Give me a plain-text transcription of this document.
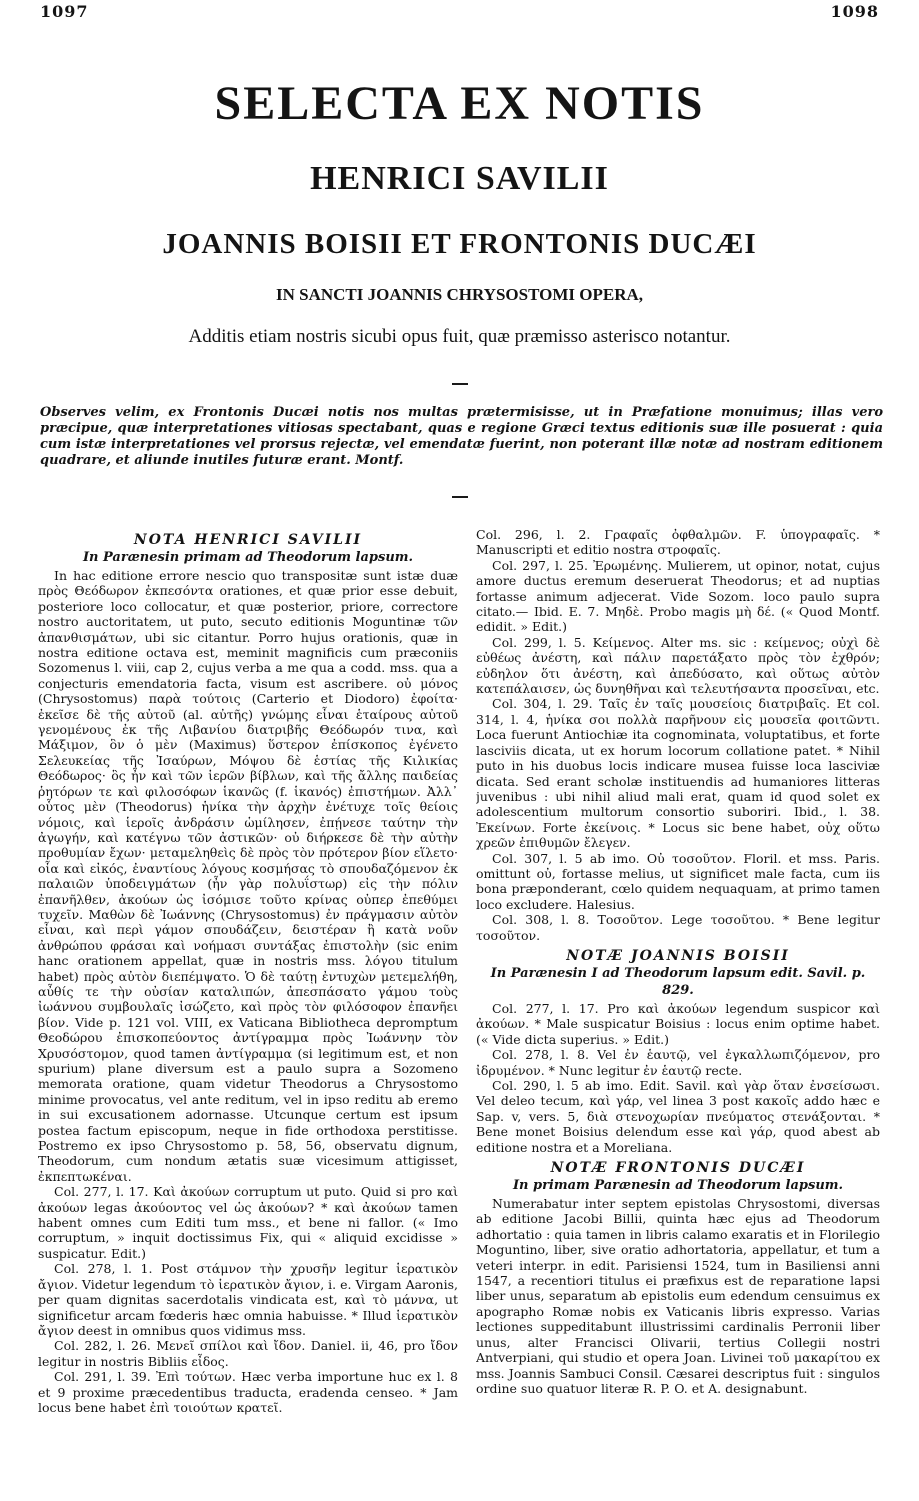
1097	1098
SELECTA EX NOTIS
HENRICI SAVILII
JOANNIS BOISII ET FRONTONIS DUCÆI
IN SANCTI JOANNIS CHRYSOSTOMI OPERA,

Additis etiam nostris sicubi opus fuit, quæ præmisso asterisco notantur.

Observes velim, ex Frontonis Ducæi notis nos multas prætermisisse, ut in Præfatione monuimus; illas vero præcipue, quæ interpretationes vitiosas spectabant, quas e regione Græci textus editionis suæ ille posuerat : quia cum istæ interpretationes vel prorsus rejectæ, vel emendatæ fuerint, non poterant illæ notæ ad nostram editionem quadrare, et aliunde inutiles futuræ erant. Montf.

NOTA HENRICI SAVILII
In Parænesin primam ad Theodorum lapsum.

In hac editione errore nescio quo transpositæ sunt istæ duæ πρὸς Θεόδωρον ἐκπεσόντα orationes, et quæ prior esse debuit, posteriore loco collocatur, et quæ posterior, priore, correctore nostro auctoritatem, ut puto, secuto editionis Moguntinæ τῶν ἀπανθισμάτων, ubi sic citantur. Porro hujus orationis, quæ in nostra editione octava est, meminit magnificis cum præconiis Sozomenus l. viii, cap 2, cujus verba a me qua a codd. mss. qua a conjecturis emendatoria facta, visum est ascribere. οὐ μόνος (Chrysostomus) παρὰ τούτοις (Carterio et Diodoro) ἐφοίτα· ἐκεῖσε δὲ τῆς αὐτοῦ (al. αὐτῆς) γνώμης εἶναι ἑταίρους αὐτοῦ γενομένους ἐκ τῆς Λιβανίου διατριβῆς Θεόδωρόν τινα, καὶ Μάξιμον, ὃν ὁ μὲν (Maximus) ὕστερον ἐπίσκοπος ἐγένετο Σελευκείας τῆς Ἰσαύρων, Μόψου δὲ ἑστίας τῆς Κιλικίας Θεόδωρος· ὃς ἦν καὶ τῶν ἱερῶν βίβλων, καὶ τῆς ἄλλης παιδείας ῥητόρων τε καὶ φιλοσόφων ἱκανῶς (f. ἱκανός) ἐπιστήμων. Ἀλλ᾽ οὗτος μὲν (Theodorus) ἡνίκα τὴν ἀρχὴν ἐνέτυχε τοῖς θείοις νόμοις, καὶ ἱεροῖς ἀνδράσιν ὡμίλησεν, ἐπῄνεσε ταύτην τὴν ἀγωγήν, καὶ κατέγνω τῶν ἀστικῶν· οὐ διήρκεσε δὲ τὴν αὐτὴν προθυμίαν ἔχων· μεταμεληθεὶς δὲ πρὸς τὸν πρότερον βίον εἵλετο· οἷα καὶ εἰκός, ἐναντίους λόγους κοσμήσας τὸ σπουδαζόμενον ἐκ παλαιῶν ὑποδειγμάτων (ἦν γὰρ πολυΐστωρ) εἰς τὴν πόλιν ἐπανῆλθεν, ἀκούων ὡς ἰσόμισε τοῦτο κρίνας οὐπερ ἐπεθύμει τυχεῖν. Μαθὼν δὲ Ἰωάννης (Chrysostomus) ἐν πράγμασιν αὐτὸν εἶναι, καὶ περὶ γάμον σπουδάζειν, δειστέραν ἢ κατὰ νοῦν ἀνθρώπου φράσαι καὶ νοήμασι συντάξας ἐπιστολὴν (sic enim hanc orationem appellat, quæ in nostris mss. λόγου titulum habet) πρὸς αὐτὸν διεπέμψατο. Ὁ δὲ ταύτῃ ἐντυχὼν μετεμελήθη, αὖθίς τε τὴν οὐσίαν καταλιπών, ἀπεσπάσατο γάμου τοὺς ἰωάννου συμβουλαῖς ἰσώζετο, καὶ πρὸς τὸν φιλόσοφον ἐπανῆει βίον. Vide p. 121 vol. VIII, ex Vaticana Bibliotheca depromptum Θεοδώρου ἐπισκοπεύοντος ἀντίγραμμα πρὸς Ἰωάννην τὸν Χρυσόστομον, quod tamen ἀντίγραμμα (si legitimum est, et non spurium) plane diversum est a paulo supra a Sozomeno memorata oratione, quam videtur Theodorus a Chrysostomo minime provocatus, vel ante reditum, vel in ipso reditu ab eremo in sui excusationem adornasse. Utcunque certum est ipsum postea factum episcopum, neque in fide orthodoxa perstitisse. Postremo ex ipso Chrysostomo p. 58, 56, observatu dignum, Theodorum, cum nondum ætatis suæ vicesimum attigisset, ἐκπεπτωκέναι.

Col. 277, l. 17. Καὶ ἀκούων corruptum ut puto. Quid si pro καὶ ἀκούων legas ἀκούοντος vel ὡς ἀκούων? * καὶ ἀκούων tamen habent omnes cum Editi tum mss., et bene ni fallor. (« Imo corruptum, » inquit doctissimus Fix, qui « aliquid excidisse » suspicatur. Edit.)

Col. 278, l. 1. Post στάμνον τὴν χρυσῆν legitur ἱερατικὸν ἄγιον. Videtur legendum τὸ ἱερατικὸν ἄγιον, i. e. Virgam Aaronis, per quam dignitas sacerdotalis vindicata est, καὶ τὸ μάννα, ut significetur arcam fœderis hæc omnia habuisse. * Illud ἱερατικὸν ἄγιον deest in omnibus quos vidimus mss.

Col. 282, l. 26. Μενεῖ σπίλοι καὶ ἴδον. Daniel. ii, 46, pro ἴδον legitur in nostris Bibliis εἶδος.

Col. 291, l. 39. Ἐπὶ τούτων. Hæc verba importune huc ex l. 8 et 9 proxime præcedentibus traducta, eradenda censeo. * Jam locus bene habet ἐπὶ τοιούτων κρατεῖ.

Col. 296, l. 2. Γραφαῖς ὀφθαλμῶν. F. ὑπογραφαῖς. * Manuscripti et editio nostra στροφαῖς.

Col. 297, l. 25. Ἐρωμένης. Mulierem, ut opinor, notat, cujus amore ductus eremum deseruerat Theodorus; et ad nuptias fortasse animum adjecerat. Vide Sozom. loco paulo supra citato.— Ibid. E. 7. Μηδὲ. Probo magis μὴ δέ. (« Quod Montf. edidit. » Edit.)

Col. 299, l. 5. Κείμενος. Alter ms. sic : κείμενος; οὐχὶ δὲ εὐθέως ἀνέστη, καὶ πάλιν παρετάξατο πρὸς τὸν ἐχθρόν; εὐδηλον ὅτι ἀνέστη, καὶ ἀπεδύσατο, καὶ οὕτως αὐτὸν κατεπάλαισεν, ὡς δυνηθῆναι καὶ τελευτήσαντα προσεῖναι, etc.

Col. 304, l. 29. Ταῖς ἐν ταῖς μουσείοις διατριβαῖς. Et col. 314, l. 4, ἡνίκα σοι πολλὰ παρῆνουν εἰς μουσεῖα φοιτῶντι. Loca fuerunt Antiochiæ ita cognominata, voluptatibus, et forte lasciviis dicata, ut ex horum locorum collatione patet. * Nihil puto in his duobus locis indicare musea fuisse loca lasciviæ dicata. Sed erant scholæ instituendis ad humaniores litteras juvenibus : ubi nihil aliud mali erat, quam id quod solet ex adolescentium multorum consortio suboriri. Ibid., l. 38. Ἐκείνων. Forte ἐκείνοις. * Locus sic bene habet, οὐχ οὕτω χρεῶν ἐπιθυμῶν ἔλεγεν.

Col. 307, l. 5 ab imo. Οὐ τοσοῦτον. Floril. et mss. Paris. omittunt οὐ, fortasse melius, ut significet male facta, cum iis bona præponderant, cœlo quidem nequaquam, at primo tamen loco excludere. Halesius.

Col. 308, l. 8. Τοσοῦτον. Lege τοσοῦτου. * Bene legitur τοσοῦτον.

NOTÆ JOANNIS BOISII
In Parænesin I ad Theodorum lapsum edit. Savil. p. 829.

Col. 277, l. 17. Pro καὶ ἀκούων legendum suspicor καὶ ἀκούων. * Male suspicatur Boisius : locus enim optime habet. (« Vide dicta superius. » Edit.)

Col. 278, l. 8. Vel ἐν ἑαυτῷ, vel ἐγκαλλωπιζόμενον, pro ἰδρυμένον. * Nunc legitur ἐν ἑαυτῷ recte.

Col. 290, l. 5 ab imo. Edit. Savil. καὶ γὰρ ὅταν ἐνσείσωσι. Vel deleo tecum, καὶ γάρ, vel linea 3 post κακοῖς addo hæc e Sap. v, vers. 5, διὰ στενοχωρίαν πνεύματος στενάξονται. * Bene monet Boisius delendum esse καὶ γάρ, quod abest ab editione nostra et a Moreliana.

NOTÆ FRONTONIS DUCÆI
In primam Parænesin ad Theodorum lapsum.

Numerabatur inter septem epistolas Chrysostomi, diversas ab editione Jacobi Billii, quinta hæc ejus ad Theodorum adhortatio : quia tamen in libris calamo exaratis et in Florilegio Moguntino, liber, sive oratio adhortatoria, appellatur, et tum a veteri interpr. in edit. Parisiensi 1524, tum in Basiliensi anni 1547, a recentiori titulus ei præfixus est de reparatione lapsi liber unus, separatum ab epistolis eum edendum censuimus ex apographo Romæ nobis ex Vaticanis libris expresso. Varias lectiones suppeditabunt illustrissimi cardinalis Perronii liber unus, alter Francisci Olivarii, tertius Collegii nostri Antverpiani, qui studio et opera Joan. Livinei τοῦ μακαρίτου ex mss. Joannis Sambuci Consil. Cæsarei descriptus fuit : singulos ordine suo quatuor literæ R. P. O. et A. designabunt.
